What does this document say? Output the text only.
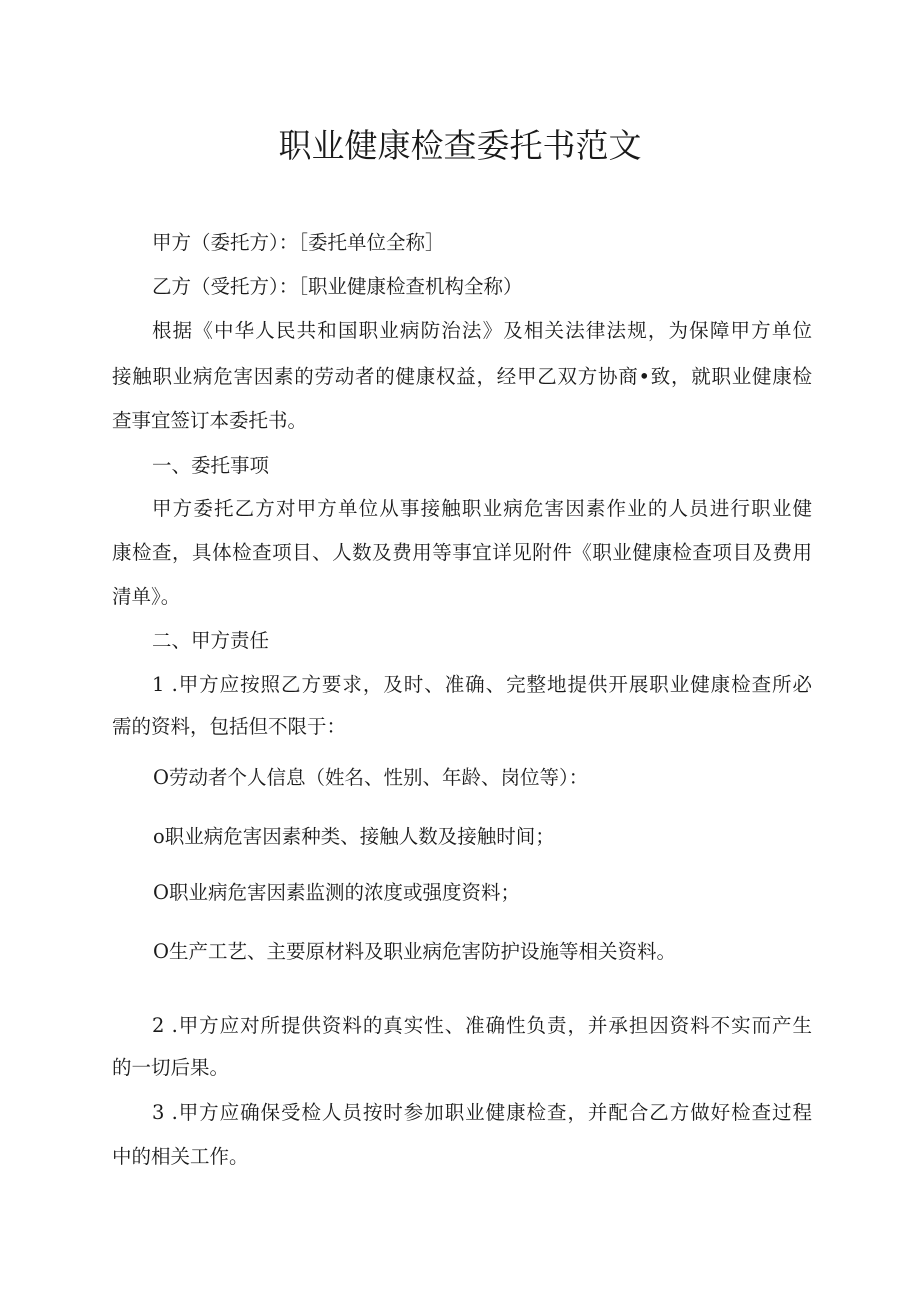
职业健康检查委托书范文

甲方（委托方）：［委托单位全称］

乙方（受托方）：［职业健康检查机构全称）

根据《中华人民共和国职业病防治法》及相关法律法规，为保障甲方单位

接触职业病危害因素的劳动者的健康权益，经甲乙双方协商•致，就职业健康检

查事宜签订本委托书。

一、委托事项

甲方委托乙方对甲方单位从事接触职业病危害因素作业的人员进行职业健

康检查，具体检查项目、人数及费用等事宜详见附件《职业健康检查项目及费用

清单》。

二、甲方责任

1 .甲方应按照乙方要求，及时、准确、完整地提供开展职业健康检查所必

需的资料，包括但不限于：

O劳动者个人信息（姓名、性别、年龄、岗位等）：

o职业病危害因素种类、接触人数及接触时间；

O职业病危害因素监测的浓度或强度资料；

O生产工艺、主要原材料及职业病危害防护设施等相关资料。

2 .甲方应对所提供资料的真实性、准确性负责，并承担因资料不实而产生

的一切后果。

3 .甲方应确保受检人员按时参加职业健康检查，并配合乙方做好检查过程

中的相关工作。
